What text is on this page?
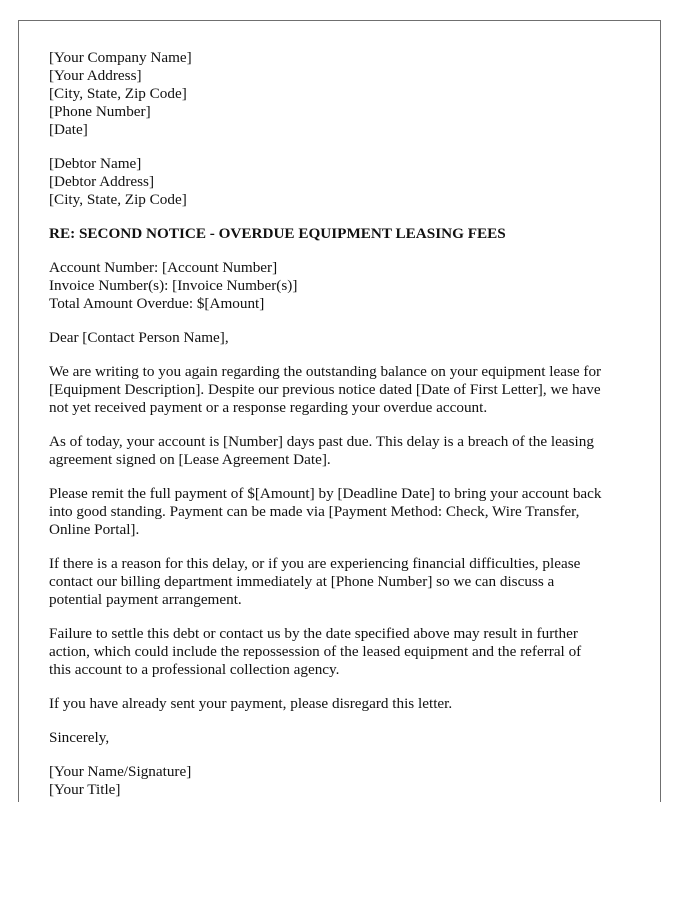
[Your Company Name]
[Your Address]
[City, State, Zip Code]
[Phone Number]
[Date]
[Debtor Name]
[Debtor Address]
[City, State, Zip Code]
RE: SECOND NOTICE - OVERDUE EQUIPMENT LEASING FEES
Account Number: [Account Number]
Invoice Number(s): [Invoice Number(s)]
Total Amount Overdue: $[Amount]
Dear [Contact Person Name],
We are writing to you again regarding the outstanding balance on your equipment lease for
[Equipment Description]. Despite our previous notice dated [Date of First Letter], we have
not yet received payment or a response regarding your overdue account.
As of today, your account is [Number] days past due. This delay is a breach of the leasing
agreement signed on [Lease Agreement Date].
Please remit the full payment of $[Amount] by [Deadline Date] to bring your account back
into good standing. Payment can be made via [Payment Method: Check, Wire Transfer,
Online Portal].
If there is a reason for this delay, or if you are experiencing financial difficulties, please
contact our billing department immediately at [Phone Number] so we can discuss a
potential payment arrangement.
Failure to settle this debt or contact us by the date specified above may result in further
action, which could include the repossession of the leased equipment and the referral of
this account to a professional collection agency.
If you have already sent your payment, please disregard this letter.
Sincerely,
[Your Name/Signature]
[Your Title]
